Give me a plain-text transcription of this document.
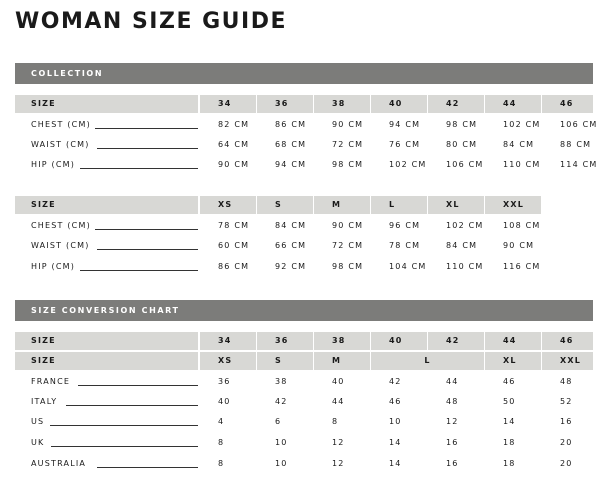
WOMAN SIZE GUIDE
COLLECTION
SIZE	34	36	38	40	42	44	46
CHEST (CM)	82 CM	86 CM	90 CM	94 CM	98 CM	102 CM	106 CM
WAIST (CM)	64 CM	68 CM	72 CM	76 CM	80 CM	84 CM	88 CM
HIP (CM)	90 CM	94 CM	98 CM	102 CM	106 CM	110 CM	114 CM
SIZE	XS	S	M	L	XL	XXL
CHEST (CM)	78 CM	84 CM	90 CM	96 CM	102 CM	108 CM
WAIST (CM)	60 CM	66 CM	72 CM	78 CM	84 CM	90 CM
HIP (CM)	86 CM	92 CM	98 CM	104 CM	110 CM	116 CM
SIZE CONVERSION CHART
SIZE	34	36	38	40	42	44	46
SIZE	XS	S	M	L	XL	XXL
FRANCE	36	38	40	42	44	46	48
ITALY	40	42	44	46	48	50	52
US	4	6	8	10	12	14	16
UK	8	10	12	14	16	18	20
AUSTRALIA	8	10	12	14	16	18	20
